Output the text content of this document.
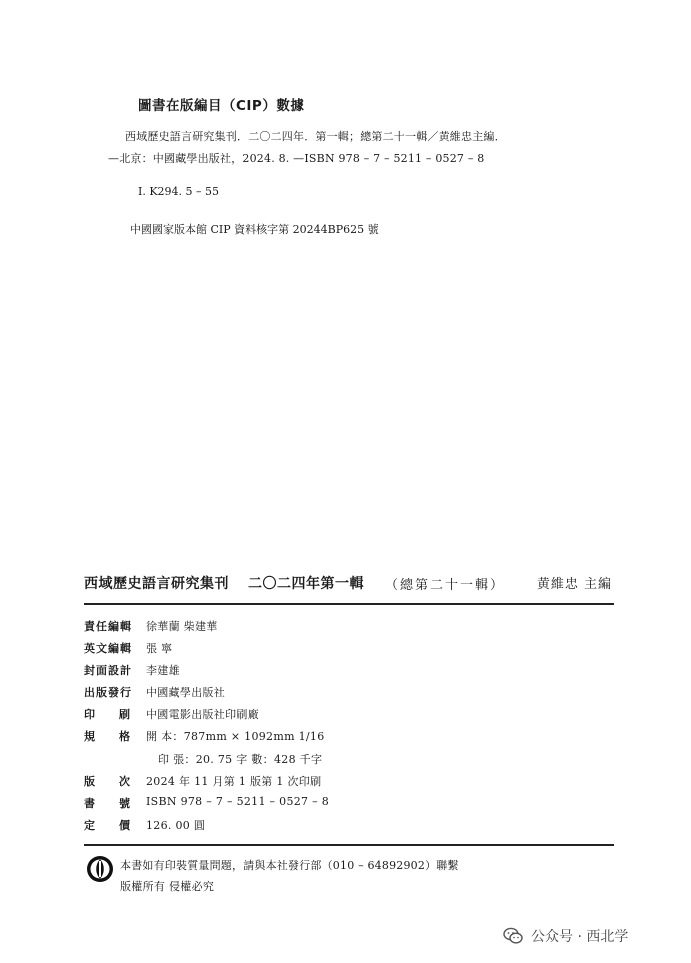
圖書在版編目（CIP）數據
西域歷史語言研究集刊．二〇二四年．第一輯；總第二十一輯／黄維忠主編．
—北京：中國藏學出版社，2024. 8. —ISBN 978 – 7 – 5211 – 0527 – 8
Ⅰ. K294. 5 – 55
中國國家版本館 CIP 資料核字第 20244BP625 號
西域歷史語言研究集刊 二〇二四年第一輯 （總第二十一輯） 黄維忠 主編
責任編輯 徐華蘭 柴建華
英文編輯 張 寧
封面設計 李建雄
出版發行 中國藏學出版社
印 刷 中國電影出版社印刷廠
規 格 開 本：787mm × 1092mm 1/16
印 張：20. 75 字 數：428 千字
版 次 2024 年 11 月第 1 版第 1 次印刷
書 號 ISBN 978 – 7 – 5211 – 0527 – 8
定 價 126. 00 圓
本書如有印裝質量問題，請與本社發行部（010 – 64892902）聯繫
版權所有 侵權必究
公众号 · 西北学
